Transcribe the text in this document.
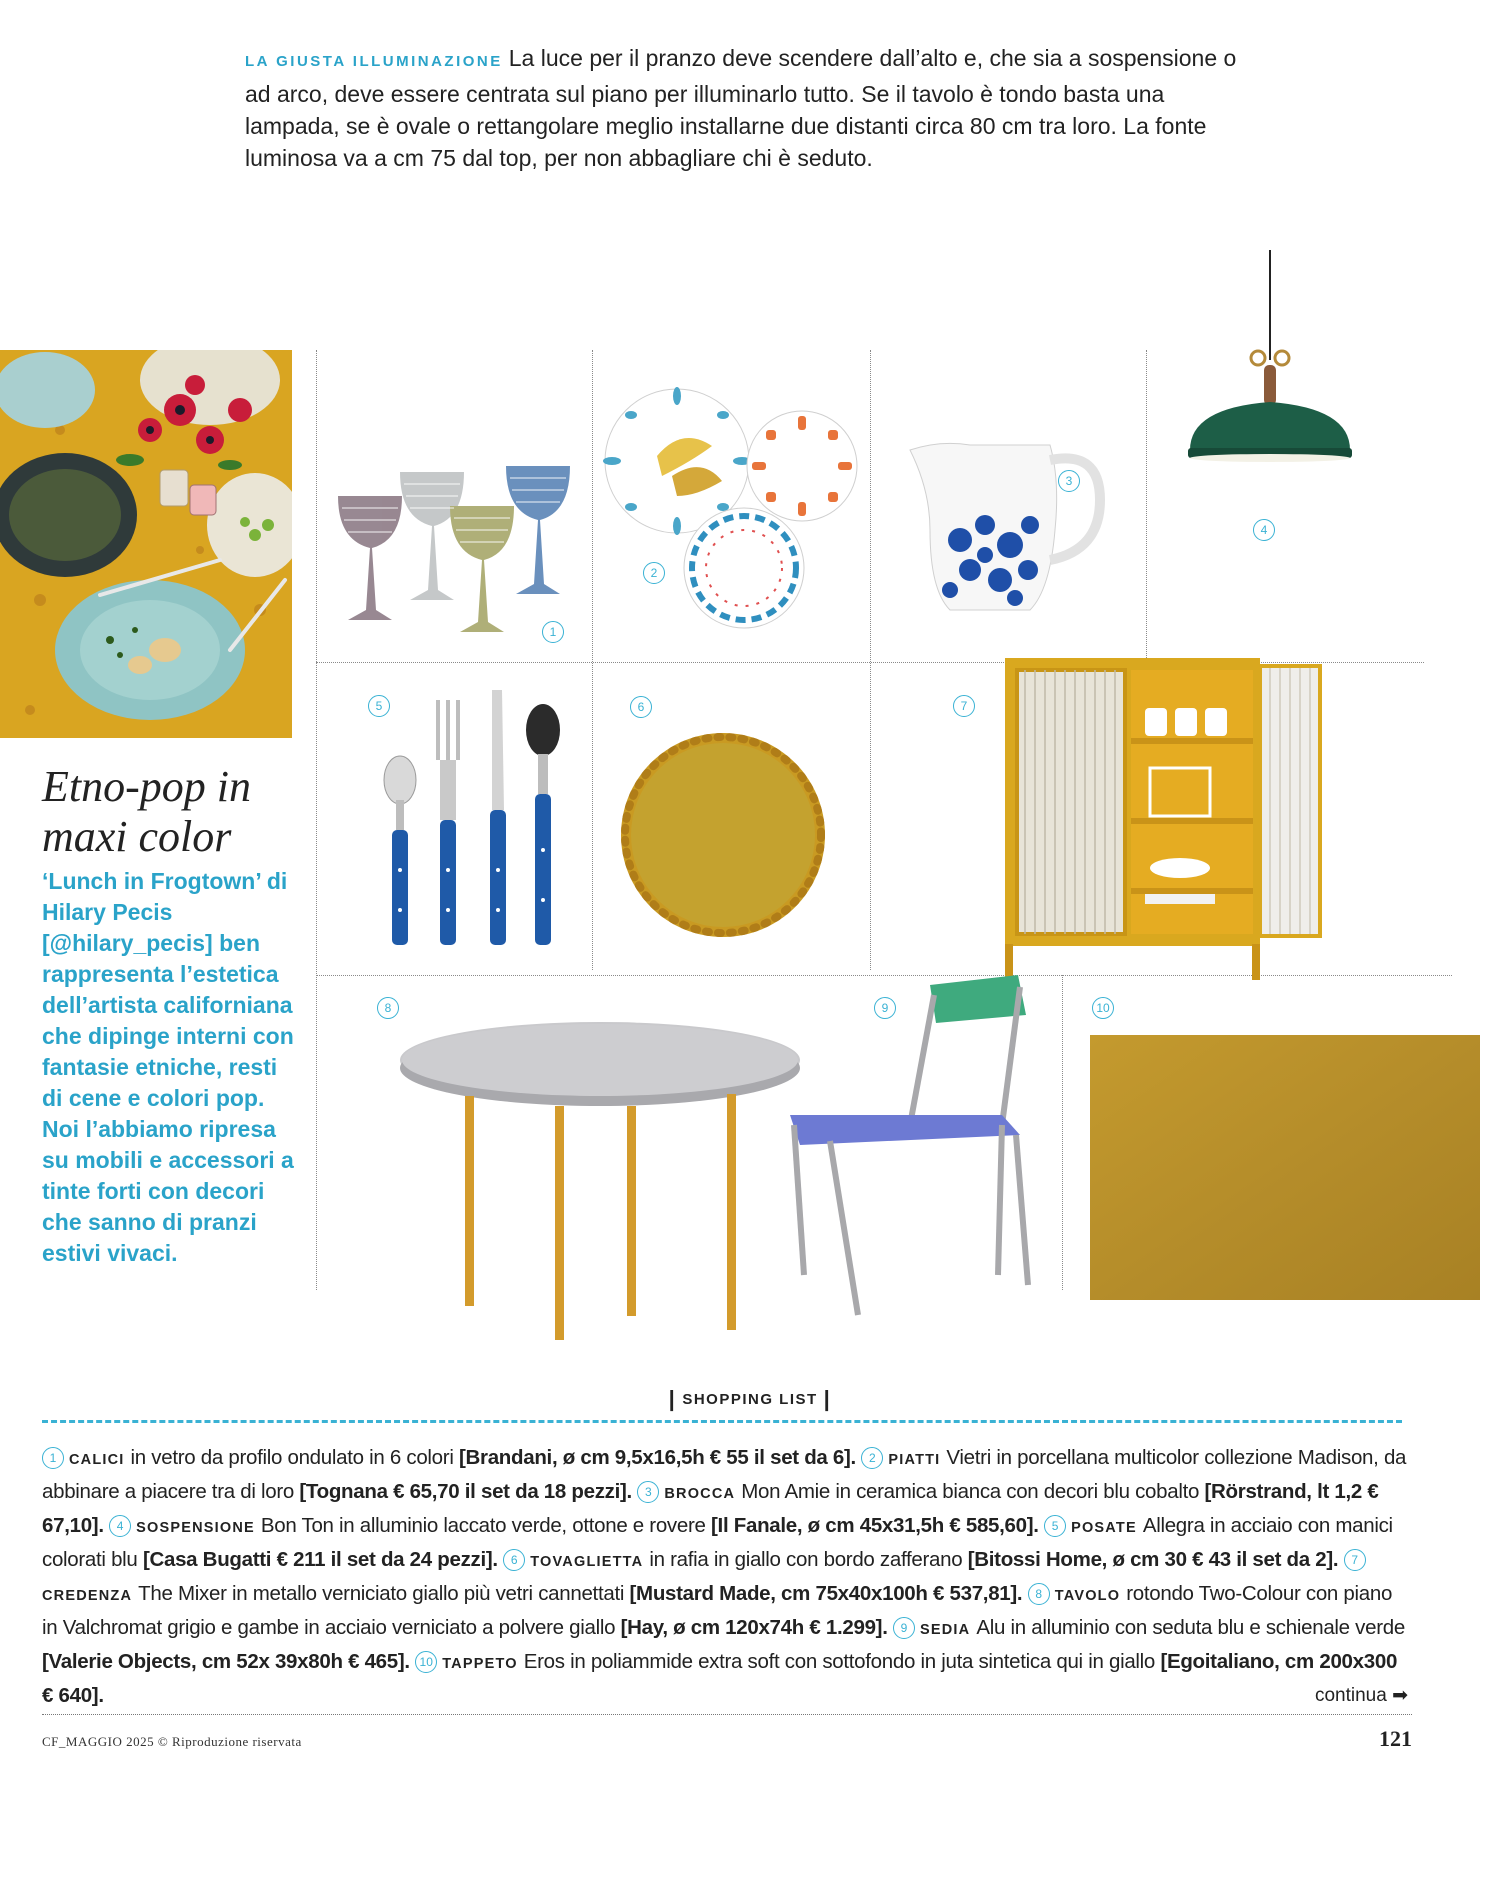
LA GIUSTA ILLUMINAZIONE La luce per il pranzo deve scendere dall’alto e, che sia a sospensione o ad arco, deve essere centrata sul piano per illuminarlo tutto. Se il tavolo è tondo basta una lampada, se è ovale o rettangolare meglio installarne due distanti circa 80 cm tra loro. La fonte luminosa va a cm 75 dal top, per non abbagliare chi è seduto.
Etno-pop in
maxi color
‘Lunch in Frogtown’ di Hilary Pecis [@hilary_pecis] ben rappresenta l’estetica dell’artista californiana che dipinge interni con fantasie etniche, resti di cene e colori pop. Noi l’abbiamo ripresa su mobili e accessori a tinte forti con decori che sanno di pranzi estivi vivaci.
1
2
3
4
5	6	7
8	9	10
| SHOPPING LIST |
1 CALICI in vetro da profilo ondulato in 6 colori [Brandani, ø cm 9,5x16,5h € 55 il set da 6]. 2 PIATTI Vietri in porcellana multicolor collezione Madison, da abbinare a piacere tra di loro [Tognana € 65,70 il set da 18 pezzi]. 3 BROCCA Mon Amie in ceramica bianca con decori blu cobalto [Rörstrand, lt 1,2 € 67,10]. 4 SOSPENSIONE Bon Ton in alluminio laccato verde, ottone e rovere [Il Fanale, ø cm 45x31,5h € 585,60]. 5 POSATE Allegra in acciaio con manici colorati blu [Casa Bugatti € 211 il set da 24 pezzi]. 6 TOVAGLIETTA in rafia in giallo con bordo zafferano [Bitossi Home, ø cm 30 € 43 il set da 2]. 7CREDENZA The Mixer in metallo verniciato giallo più vetri cannettati [Mustard Made, cm 75x40x100h € 537,81]. 8 TAVOLO rotondo Two-Colour con piano in Valchromat grigio e gambe in acciaio verniciato a polvere giallo [Hay, ø cm 120x74h € 1.299]. 9 SEDIA Alu in alluminio con seduta blu e schienale verde [Valerie Objects, cm 52x 39x80h € 465]. 10 TAPPETO Eros in poliammide extra soft con sottofondo in juta sintetica qui in giallo [Egoitaliano, cm 200x300 € 640].	continua ➡
CF_MAGGIO 2025 © Riproduzione riservata	121
